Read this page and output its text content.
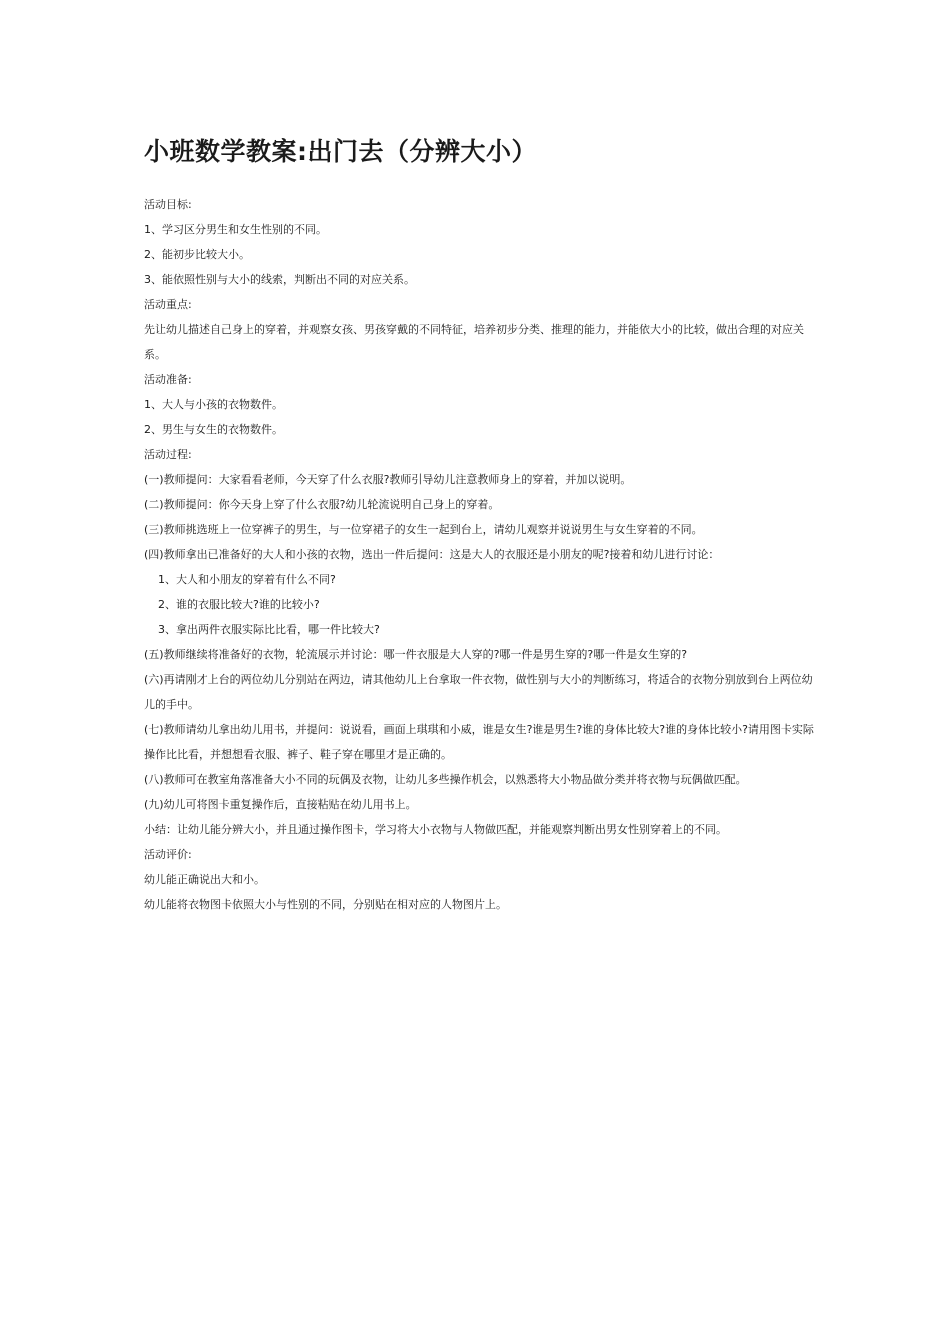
小班数学教案:出门去（分辨大小）

活动目标:

1、学习区分男生和女生性别的不同。

2、能初步比较大小。

3、能依照性别与大小的线索，判断出不同的对应关系。

活动重点:

先让幼儿描述自己身上的穿着，并观察女孩、男孩穿戴的不同特征，培养初步分类、推理的能力，并能依大小的比较，做出合理的对应关系。

活动准备:

1、大人与小孩的衣物数件。

2、男生与女生的衣物数件。

活动过程:

(一)教师提问：大家看看老师，今天穿了什么衣服?教师引导幼儿注意教师身上的穿着，并加以说明。

(二)教师提问：你今天身上穿了什么衣服?幼儿轮流说明自己身上的穿着。

(三)教师挑选班上一位穿裤子的男生，与一位穿裙子的女生一起到台上，请幼儿观察并说说男生与女生穿着的不同。

(四)教师拿出已准备好的大人和小孩的衣物，选出一件后提问：这是大人的衣服还是小朋友的呢?接着和幼儿进行讨论：

1、大人和小朋友的穿着有什么不同?

2、谁的衣服比较大?谁的比较小?

3、拿出两件衣服实际比比看，哪一件比较大?

(五)教师继续将准备好的衣物，轮流展示并讨论：哪一件衣服是大人穿的?哪一件是男生穿的?哪一件是女生穿的?

(六)再请刚才上台的两位幼儿分别站在两边，请其他幼儿上台拿取一件衣物，做性别与大小的判断练习，将适合的衣物分别放到台上两位幼儿的手中。

(七)教师请幼儿拿出幼儿用书，并提问：说说看，画面上琪琪和小威，谁是女生?谁是男生?谁的身体比较大?谁的身体比较小?请用图卡实际操作比比看，并想想看衣服、裤子、鞋子穿在哪里才是正确的。

(八)教师可在教室角落准备大小不同的玩偶及衣物，让幼儿多些操作机会，以熟悉将大小物品做分类并将衣物与玩偶做匹配。

(九)幼儿可将图卡重复操作后，直接粘贴在幼儿用书上。

小结：让幼儿能分辨大小，并且通过操作图卡，学习将大小衣物与人物做匹配，并能观察判断出男女性别穿着上的不同。

活动评价:

幼儿能正确说出大和小。

幼儿能将衣物图卡依照大小与性别的不同，分别贴在相对应的人物图片上。
